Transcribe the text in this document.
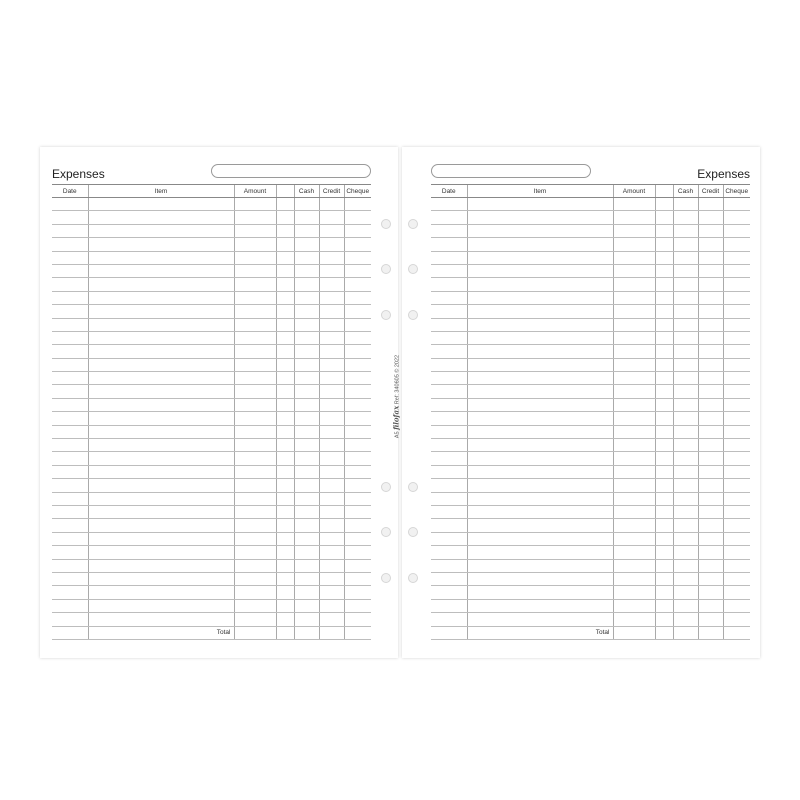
Expenses
Date	Item	Amount		Cash	Credit	Cheque

	Total					
Expenses
Date	Item	Amount		Cash	Credit	Cheque

	Total					
A5 filofax Ref: 340605 © 2022
